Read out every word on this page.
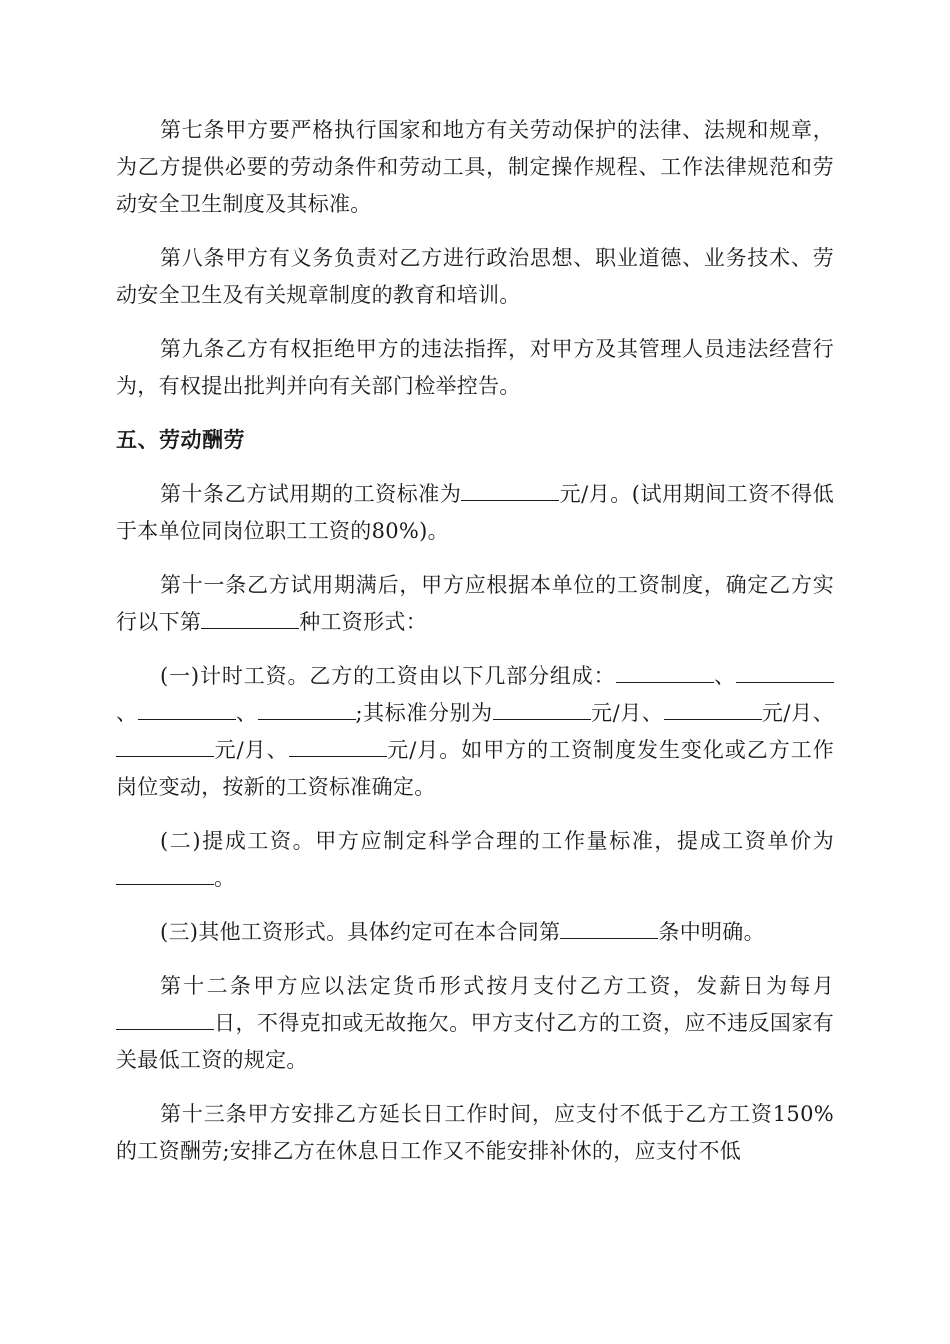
第七条甲方要严格执行国家和地方有关劳动保护的法律、法规和规章，为乙方提供必要的劳动条件和劳动工具，制定操作规程、工作法律规范和劳动安全卫生制度及其标准。

第八条甲方有义务负责对乙方进行政治思想、职业道德、业务技术、劳动安全卫生及有关规章制度的教育和培训。

第九条乙方有权拒绝甲方的违法指挥，对甲方及其管理人员违法经营行为，有权提出批判并向有关部门检举控告。

五、劳动酬劳

第十条乙方试用期的工资标准为	元/月。(试用期间工资不得低于本单位同岗位职工工资的80%)。

第十一条乙方试用期满后，甲方应根据本单位的工资制度，确定乙方实行以下第	种工资形式：

(一)计时工资。乙方的工资由以下几部分组成：	、、	、	;其标准分别为	元/月、	元/月、元/月、	元/月。如甲方的工资制度发生变化或乙方工作岗位变动，按新的工资标准确定。

(二)提成工资。甲方应制定科学合理的工作量标准，提成工资单价为。

(三)其他工资形式。具体约定可在本合同第	条中明确。

第十二条甲方应以法定货币形式按月支付乙方工资，发薪日为每月日，不得克扣或无故拖欠。甲方支付乙方的工资，应不违反国家有关最低工资的规定。

第十三条甲方安排乙方延长日工作时间，应支付不低于乙方工资150%的工资酬劳;安排乙方在休息日工作又不能安排补休的，应支付不低
